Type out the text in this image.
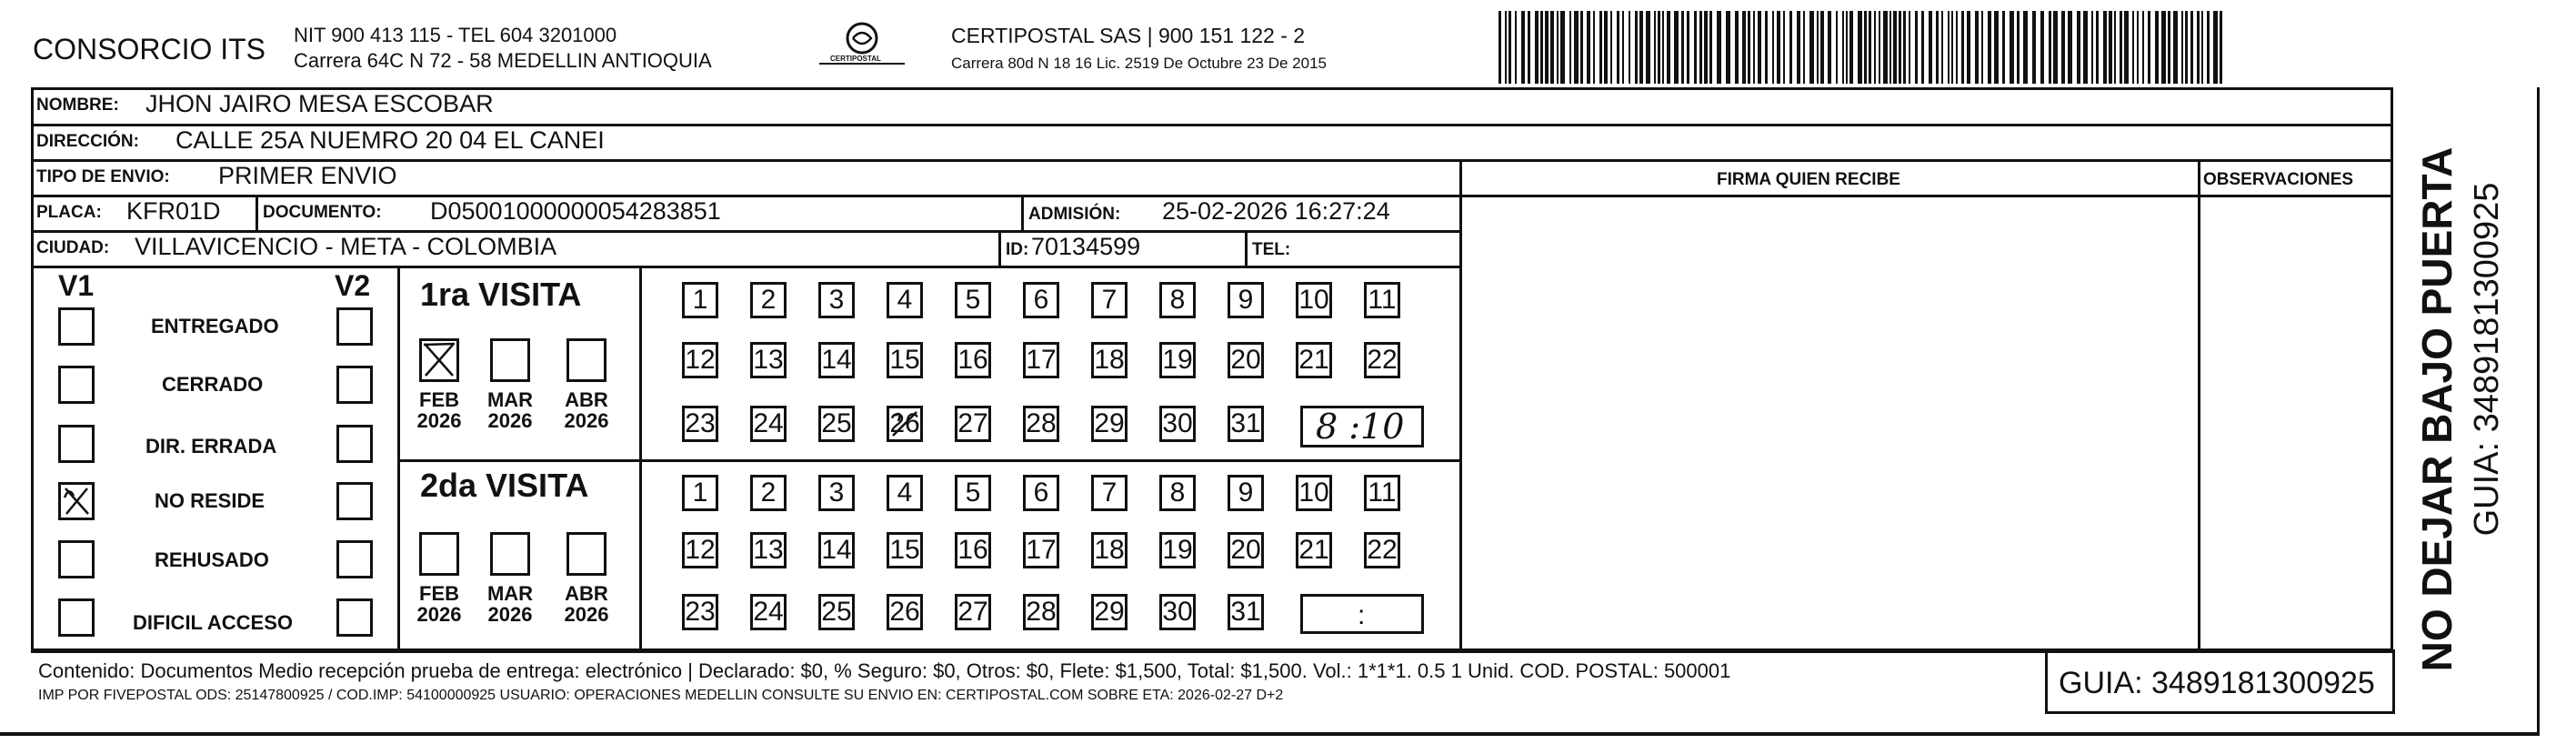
CONSORCIO ITS NIT 900 413 115 - TEL 604 3201000
Carrera 64C N 72 - 58 MEDELLIN ANTIOQUIA	CERTIPOSTAL
CERTIPOSTAL SAS | 900 151 122 - 2
Carrera 80d N 18 16 Lic. 2519 De Octubre 23 De 2015
NOMBRE: JHON JAIRO MESA ESCOBAR
DIRECCIÓN: CALLE 25A NUEMRO 20 04 EL CANEI
TIPO DE ENVIO: PRIMER ENVIO	FIRMA QUIEN RECIBE	OBSERVACIONES
PLACA: KFR01D DOCUMENTO: D05001000000054283851	ADMISIÓN: 25-02-2026 16:27:24
CIUDAD: VILLAVICENCIO - META - COLOMBIA	ID: 70134599	TEL:
V1	V2
ENTREGADO
CERRADO
DIR. ERRADA
NO RESIDE
REHUSADO
DIFICIL ACCESO
1ra VISITA
FEB
2026
MAR
2026
ABR
2026
1	2	3	4	5	6	7	8	9	10 11
12 13 14 15 16 17 18 19 20 21 22
23 24 25 26 27 28 29 30 31 8 :10
2da VISITA
FEB
2026
MAR
2026
ABR
2026
1	2	3	4	5	6	7	8	9	10 11
12 13 14 15 16 17 18 19 20 21 22
23 24 25 26 27 28 29 30 31	:	NO DEJAR BAJO PUERTA GUIA: 3489181300925
Contenido: Documentos Medio recepción prueba de entrega: electrónico | Declarado: $0, % Seguro: $0, Otros: $0, Flete: $1,500, Total: $1,500. Vol.: 1*1*1. 0.5 1 Unid. COD. POSTAL: 500001
IMP POR FIVEPOSTAL ODS: 25147800925 / COD.IMP: 54100000925 USUARIO: OPERACIONES MEDELLIN CONSULTE SU ENVIO EN: CERTIPOSTAL.COM SOBRE ETA: 2026-02-27 D+2	GUIA: 3489181300925
